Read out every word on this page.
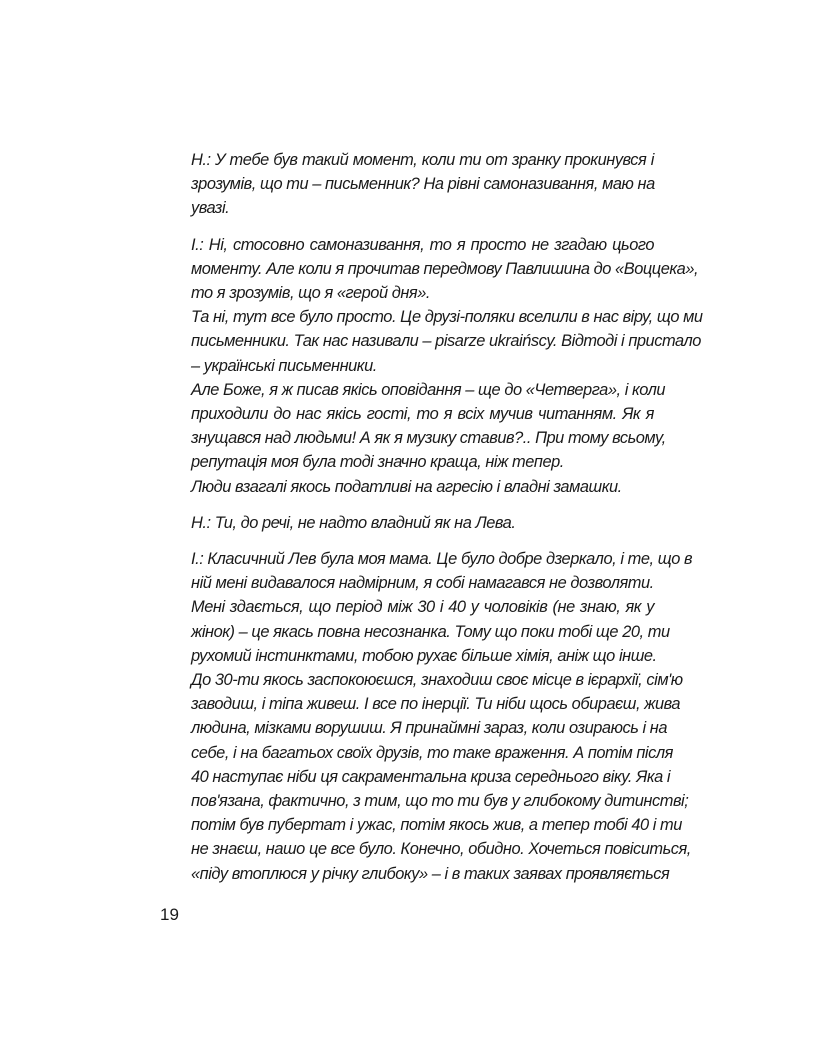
Н.: У тебе був такий момент, коли ти от зранку прокинувся і
зрозумів, що ти – письменник? На рівні самоназивання, маю на
увазі.
І.: Ні, стосовно самоназивання, то я просто не згадаю цього
моменту. Але коли я прочитав передмову Павлишина до «Воццека»,
то я зрозумів, що я «герой дня».
Та ні, тут все було просто. Це друзі-поляки вселили в нас віру, що ми
письменники. Так нас називали – pisarze ukraińscy. Відтоді і пристало
– українські письменники.
Але Боже, я ж писав якісь оповідання – ще до «Четверга», і коли
приходили до нас якісь гості, то я всіх мучив читанням. Як я
знущався над людьми! А як я музику ставив?.. При тому всьому,
репутація моя була тоді значно краща, ніж тепер.
Люди взагалі якось податливі на агресію і владні замашки.
Н.: Ти, до речі, не надто владний як на Лева.
І.: Класичний Лев була моя мама. Це було добре дзеркало, і те, що в
ній мені видавалося надмірним, я собі намагався не дозволяти.
Мені здається, що період між 30 і 40 у чоловіків (не знаю, як у
жінок) – це якась повна несознанка. Тому що поки тобі ще 20, ти
рухомий інстинктами, тобою рухає більше хімія, аніж що інше.
До 30-ти якось заспокоюєшся, знаходиш своє місце в ієрархії, сім'ю
заводиш, і тіпа живеш. І все по інерції. Ти ніби щось обираєш, жива
людина, мізками ворушиш. Я принаймні зараз, коли озираюсь і на
себе, і на багатьох своїх друзів, то таке враження. А потім після
40 наступає ніби ця сакраментальна криза середнього віку. Яка і
пов'язана, фактично, з тим, що то ти був у глибокому дитинстві;
потім був пубертат і ужас, потім якось жив, а тепер тобі 40 і ти
не знаєш, нашо це все було. Конечно, обидно. Хочеться повіситься,
«піду втоплюся у річку глибоку» – і в таких заявах проявляється
19
